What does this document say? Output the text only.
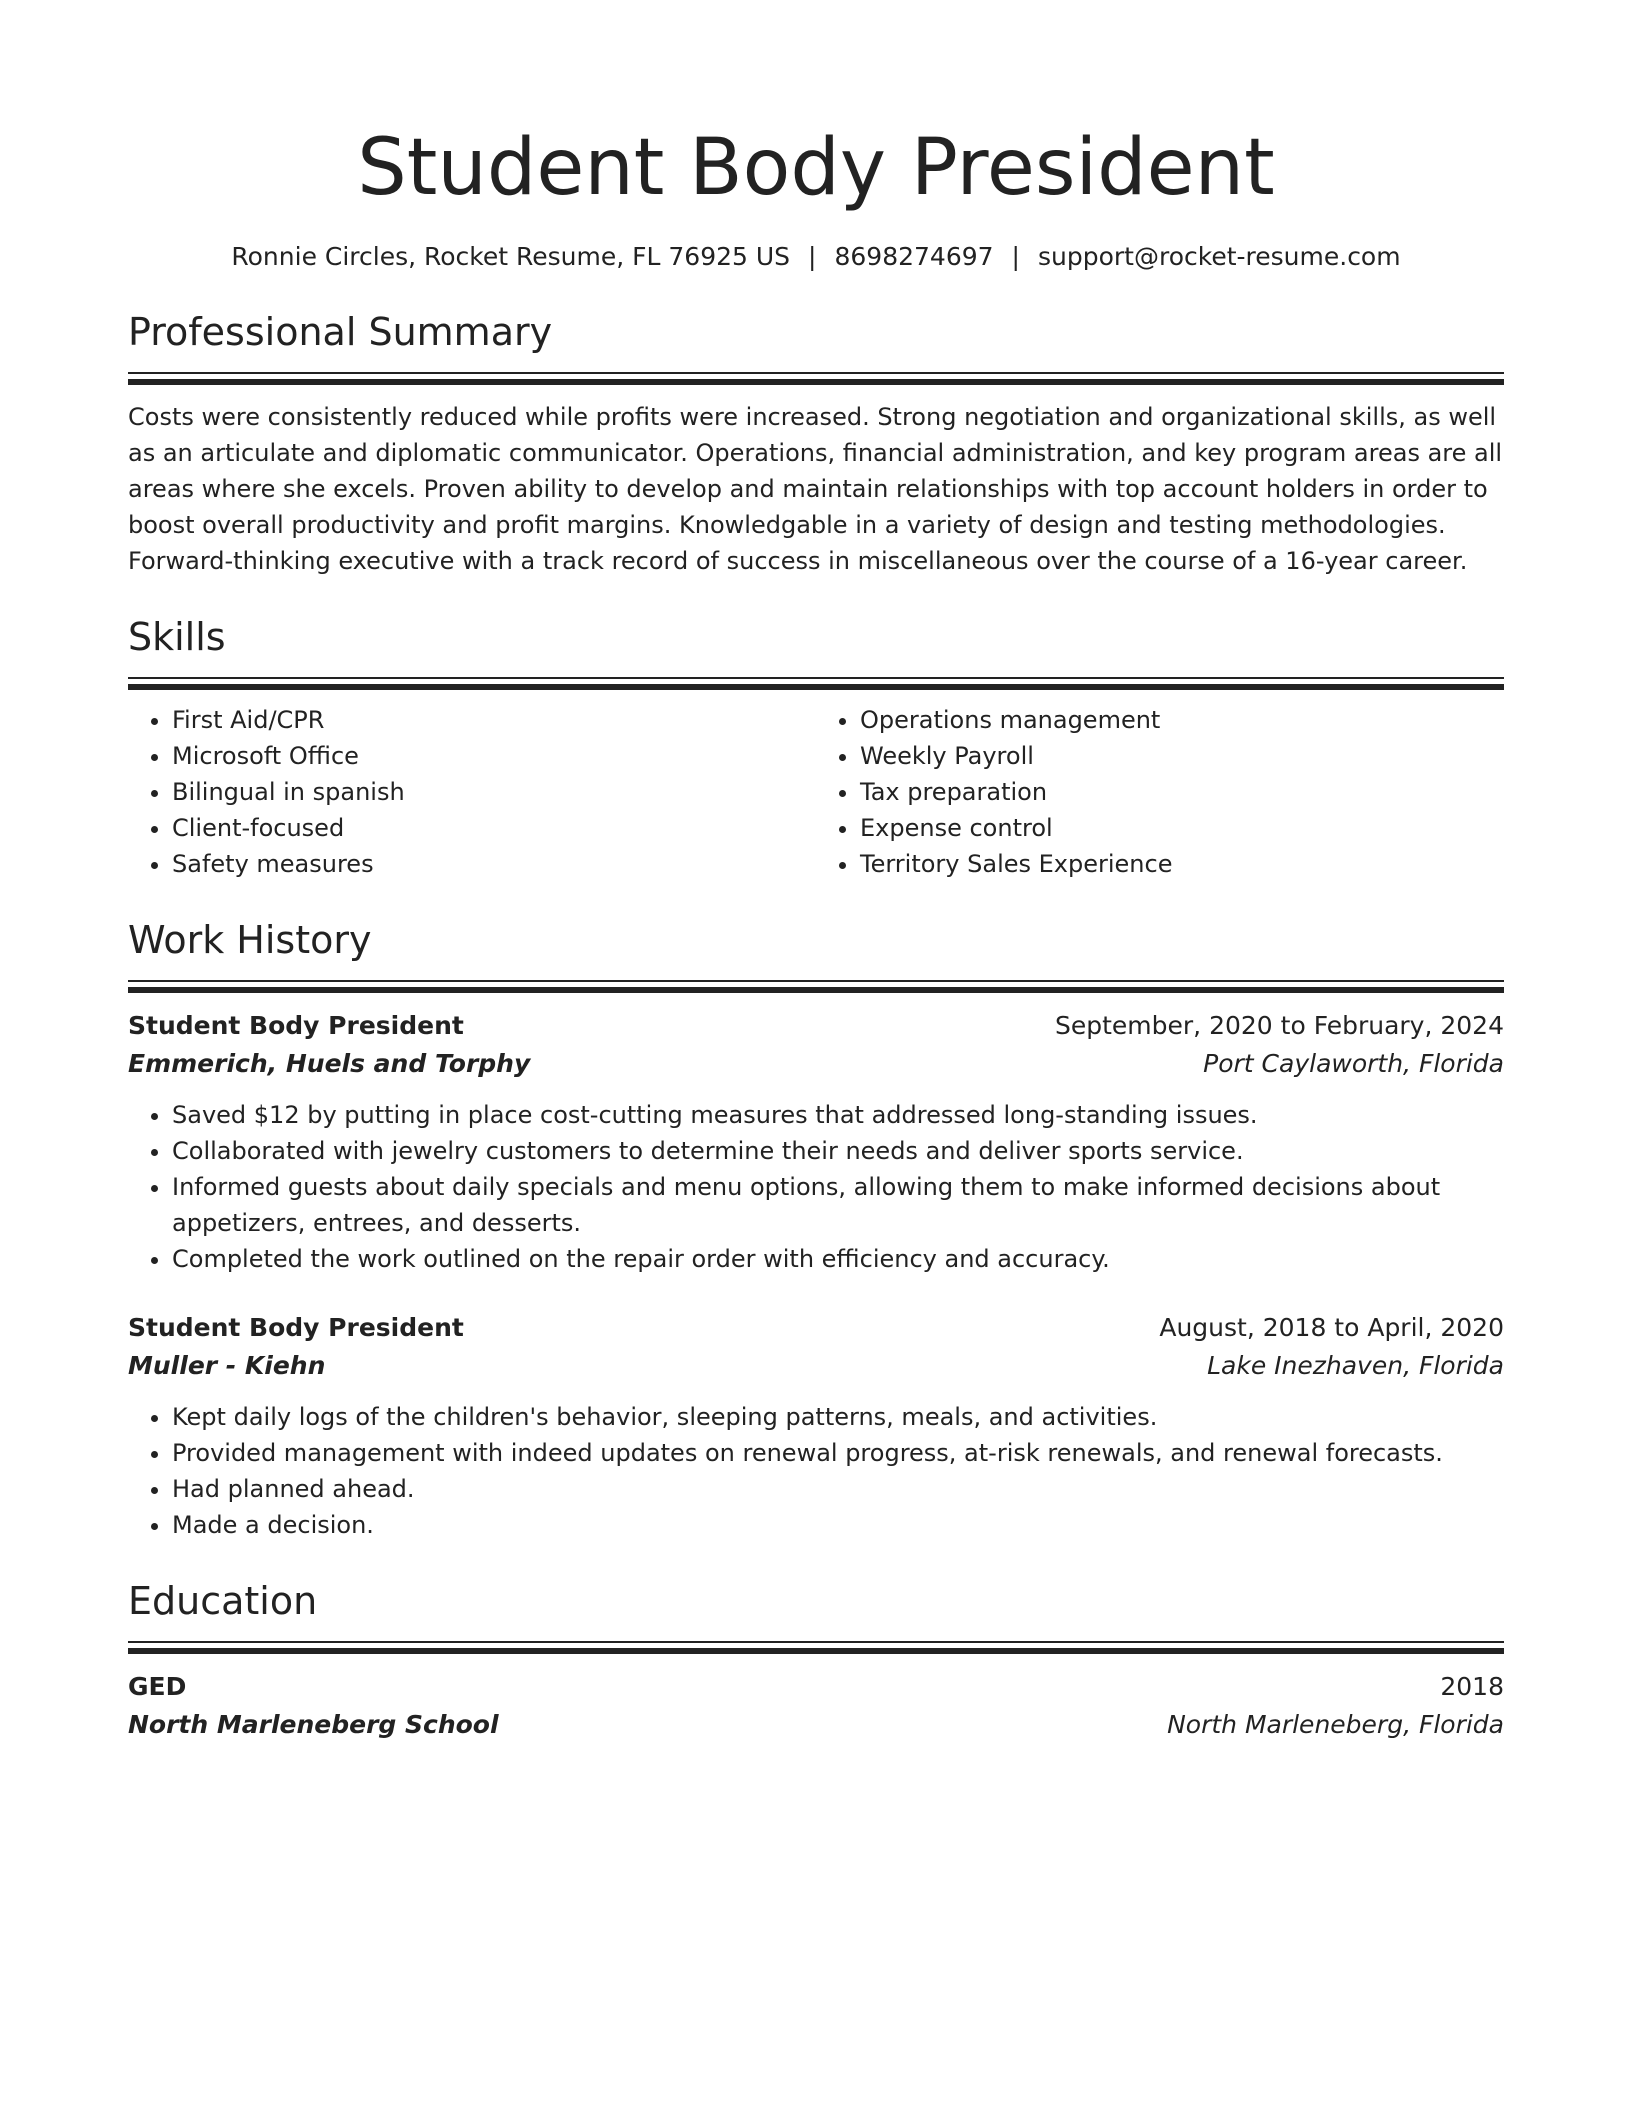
Student Body President
Ronnie Circles, Rocket Resume, FL 76925 US | 8698274697 | support@rocket-resume.com
Professional Summary
Costs were consistently reduced while profits were increased. Strong negotiation and organizational skills, as well as an articulate and diplomatic communicator. Operations, financial administration, and key program areas are all areas where she excels. Proven ability to develop and maintain relationships with top account holders in order to boost overall productivity and profit margins. Knowledgable in a variety of design and testing methodologies. Forward-thinking executive with a track record of success in miscellaneous over the course of a 16-year career.
Skills
• First Aid/CPR
• Microsoft Office
• Bilingual in spanish
• Client-focused
• Safety measures
• Operations management
• Weekly Payroll
• Tax preparation
• Expense control
• Territory Sales Experience
Work History
Student Body President	September, 2020 to February, 2024
Emmerich, Huels and Torphy	Port Caylaworth, Florida
• Saved $12 by putting in place cost-cutting measures that addressed long-standing issues.
• Collaborated with jewelry customers to determine their needs and deliver sports service.
• Informed guests about daily specials and menu options, allowing them to make informed decisions about appetizers, entrees, and desserts.
• Completed the work outlined on the repair order with efficiency and accuracy.
Student Body President	August, 2018 to April, 2020
Muller - Kiehn	Lake Inezhaven, Florida
• Kept daily logs of the children's behavior, sleeping patterns, meals, and activities.
• Provided management with indeed updates on renewal progress, at-risk renewals, and renewal forecasts.
• Had planned ahead.
• Made a decision.
Education
GED	2018
North Marleneberg School	North Marleneberg, Florida
